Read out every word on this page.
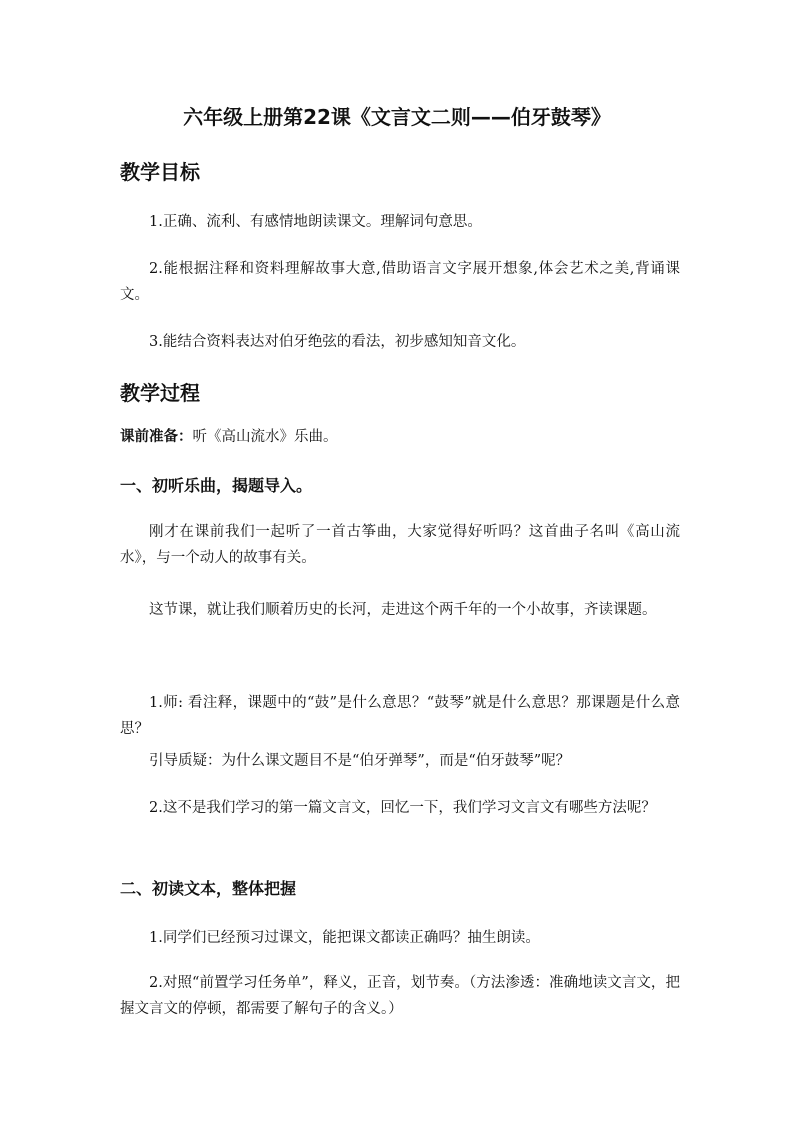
六年级上册第22课《文言文二则——伯牙鼓琴》
教学目标

1.正确、流利、有感情地朗读课文。理解词句意思。

2.能根据注释和资料理解故事大意,借助语言文字展开想象,体会艺术之美,背诵课文。

3.能结合资料表达对伯牙绝弦的看法，初步感知知音文化。

教学过程

课前准备：听《高山流水》乐曲。

一、初听乐曲，揭题导入。

刚才在课前我们一起听了一首古筝曲，大家觉得好听吗？这首曲子名叫《高山流水》，与一个动人的故事有关。

这节课，就让我们顺着历史的长河，走进这个两千年的一个小故事，齐读课题。

1.师: 看注释，课题中的“鼓”是什么意思？“鼓琴”就是什么意思？那课题是什么意思？

引导质疑：为什么课文题目不是“伯牙弹琴”，而是“伯牙鼓琴”呢？

2.这不是我们学习的第一篇文言文，回忆一下，我们学习文言文有哪些方法呢？

二、初读文本，整体把握

1.同学们已经预习过课文，能把课文都读正确吗？抽生朗读。

2.对照“前置学习任务单”，释义，正音，划节奏。（方法渗透：准确地读文言文，把握文言文的停顿，都需要了解句子的含义。）
